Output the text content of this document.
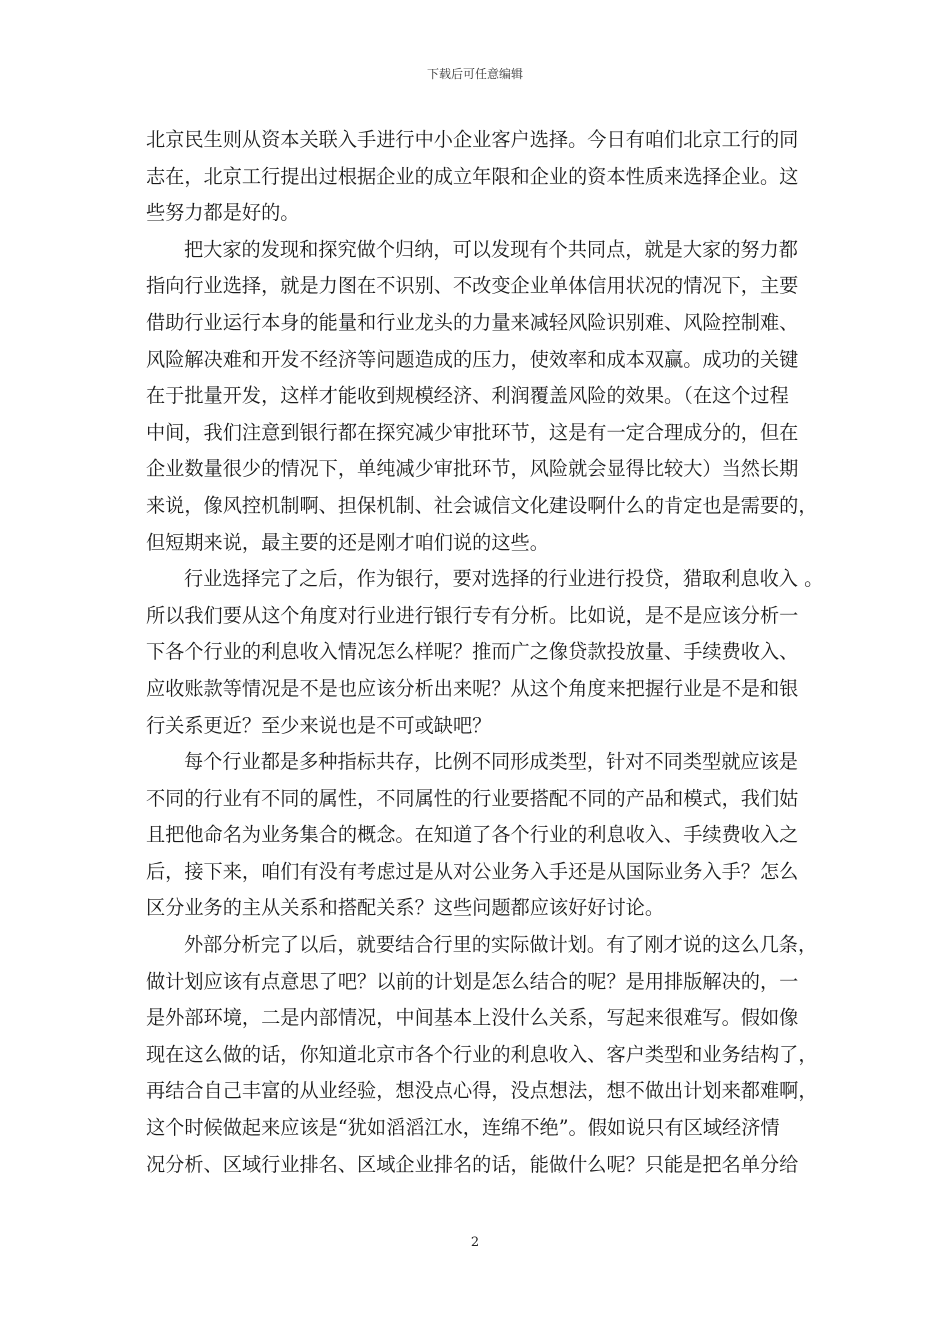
下载后可任意编辑
北京民生则从资本关联入手进行中小企业客户选择。今日有咱们北京工行的同
志在，北京工行提出过根据企业的成立年限和企业的资本性质来选择企业。这
些努力都是好的。
把大家的发现和探究做个归纳，可以发现有个共同点，就是大家的努力都
指向行业选择，就是力图在不识别、不改变企业单体信用状况的情况下，主要
借助行业运行本身的能量和行业龙头的力量来减轻风险识别难、风险控制难、
风险解决难和开发不经济等问题造成的压力，使效率和成本双赢。成功的关键
在于批量开发，这样才能收到规模经济、利润覆盖风险的效果。（在这个过程
中间，我们注意到银行都在探究减少审批环节，这是有一定合理成分的，但在
企业数量很少的情况下，单纯减少审批环节，风险就会显得比较大）当然长期
来说，像风控机制啊、担保机制、社会诚信文化建设啊什么的肯定也是需要的，
但短期来说，最主要的还是刚才咱们说的这些。
行业选择完了之后，作为银行，要对选择的行业进行投贷，猎取利息收入 。
所以我们要从这个角度对行业进行银行专有分析。比如说，是不是应该分析一
下各个行业的利息收入情况怎么样呢？推而广之像贷款投放量、手续费收入、
应收账款等情况是不是也应该分析出来呢？从这个角度来把握行业是不是和银
行关系更近？至少来说也是不可或缺吧？
每个行业都是多种指标共存，比例不同形成类型，针对不同类型就应该是
不同的行业有不同的属性，不同属性的行业要搭配不同的产品和模式，我们姑
且把他命名为业务集合的概念。在知道了各个行业的利息收入、手续费收入之
后，接下来，咱们有没有考虑过是从对公业务入手还是从国际业务入手？怎么
区分业务的主从关系和搭配关系？这些问题都应该好好讨论。
外部分析完了以后，就要结合行里的实际做计划。有了刚才说的这么几条，
做计划应该有点意思了吧？以前的计划是怎么结合的呢？是用排版解决的，一
是外部环境，二是内部情况，中间基本上没什么关系，写起来很难写。假如像
现在这么做的话，你知道北京市各个行业的利息收入、客户类型和业务结构了，
再结合自己丰富的从业经验，想没点心得，没点想法，想不做出计划来都难啊，
这个时候做起来应该是“犹如滔滔江水，连绵不绝”。假如说只有区域经济情
况分析、区域行业排名、区域企业排名的话，能做什么呢？只能是把名单分给
2
